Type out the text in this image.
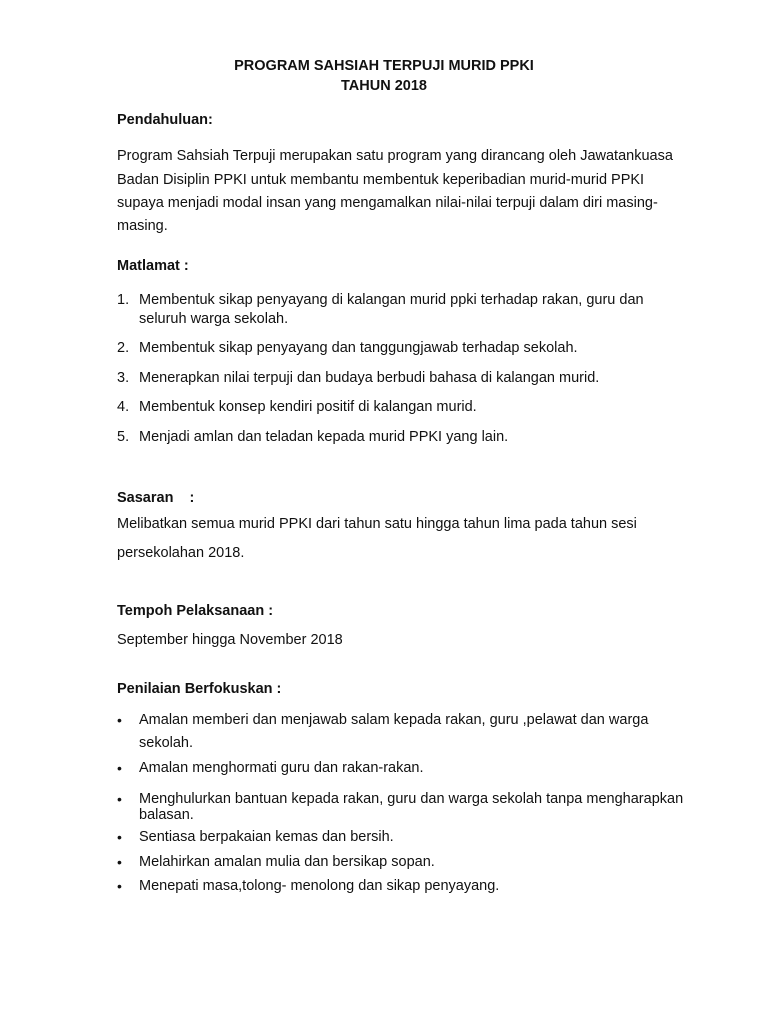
PROGRAM SAHSIAH TERPUJI MURID PPKI
TAHUN 2018
Pendahuluan:
Program Sahsiah Terpuji merupakan satu program yang dirancang oleh Jawatankuasa
Badan Disiplin PPKI untuk membantu membentuk keperibadian murid-murid PPKI
supaya menjadi modal insan yang mengamalkan nilai-nilai terpuji dalam diri masing-
masing.
Matlamat :
1. Membentuk sikap penyayang di kalangan murid ppki terhadap rakan, guru dan
seluruh warga sekolah.
2. Membentuk sikap penyayang dan tanggungjawab terhadap sekolah.
3. Menerapkan nilai terpuji dan budaya berbudi bahasa di kalangan murid.
4. Membentuk konsep kendiri positif di kalangan murid.
5. Menjadi amlan dan teladan kepada murid PPKI yang lain.
Sasaran    :
Melibatkan semua murid PPKI dari tahun satu hingga tahun lima pada tahun sesi
persekolahan 2018.
Tempoh Pelaksanaan :
September hingga November 2018
Penilaian Berfokuskan :
• Amalan memberi dan menjawab salam kepada rakan, guru ,pelawat dan warga
sekolah.
• Amalan menghormati guru dan rakan-rakan.
• Menghulurkan bantuan kepada rakan, guru dan warga sekolah tanpa mengharapkan
balasan.
• Sentiasa berpakaian kemas dan bersih.
• Melahirkan amalan mulia dan bersikap sopan.
• Menepati masa,tolong- menolong dan sikap penyayang.
